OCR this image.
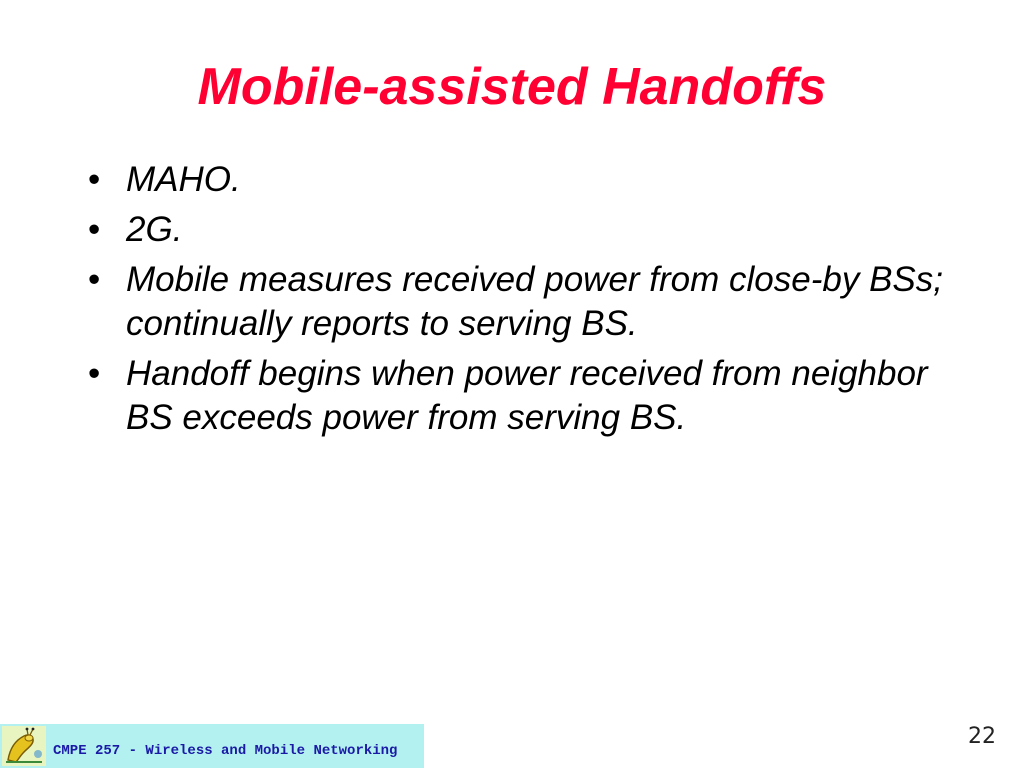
Mobile-assisted Handoffs
• MAHO.
• 2G.
• Mobile measures received power from close-by BSs; continually reports to serving BS.
• Handoff begins when power received from neighbor BS exceeds power from serving BS.
CMPE 257 - Wireless and Mobile Networking
22
